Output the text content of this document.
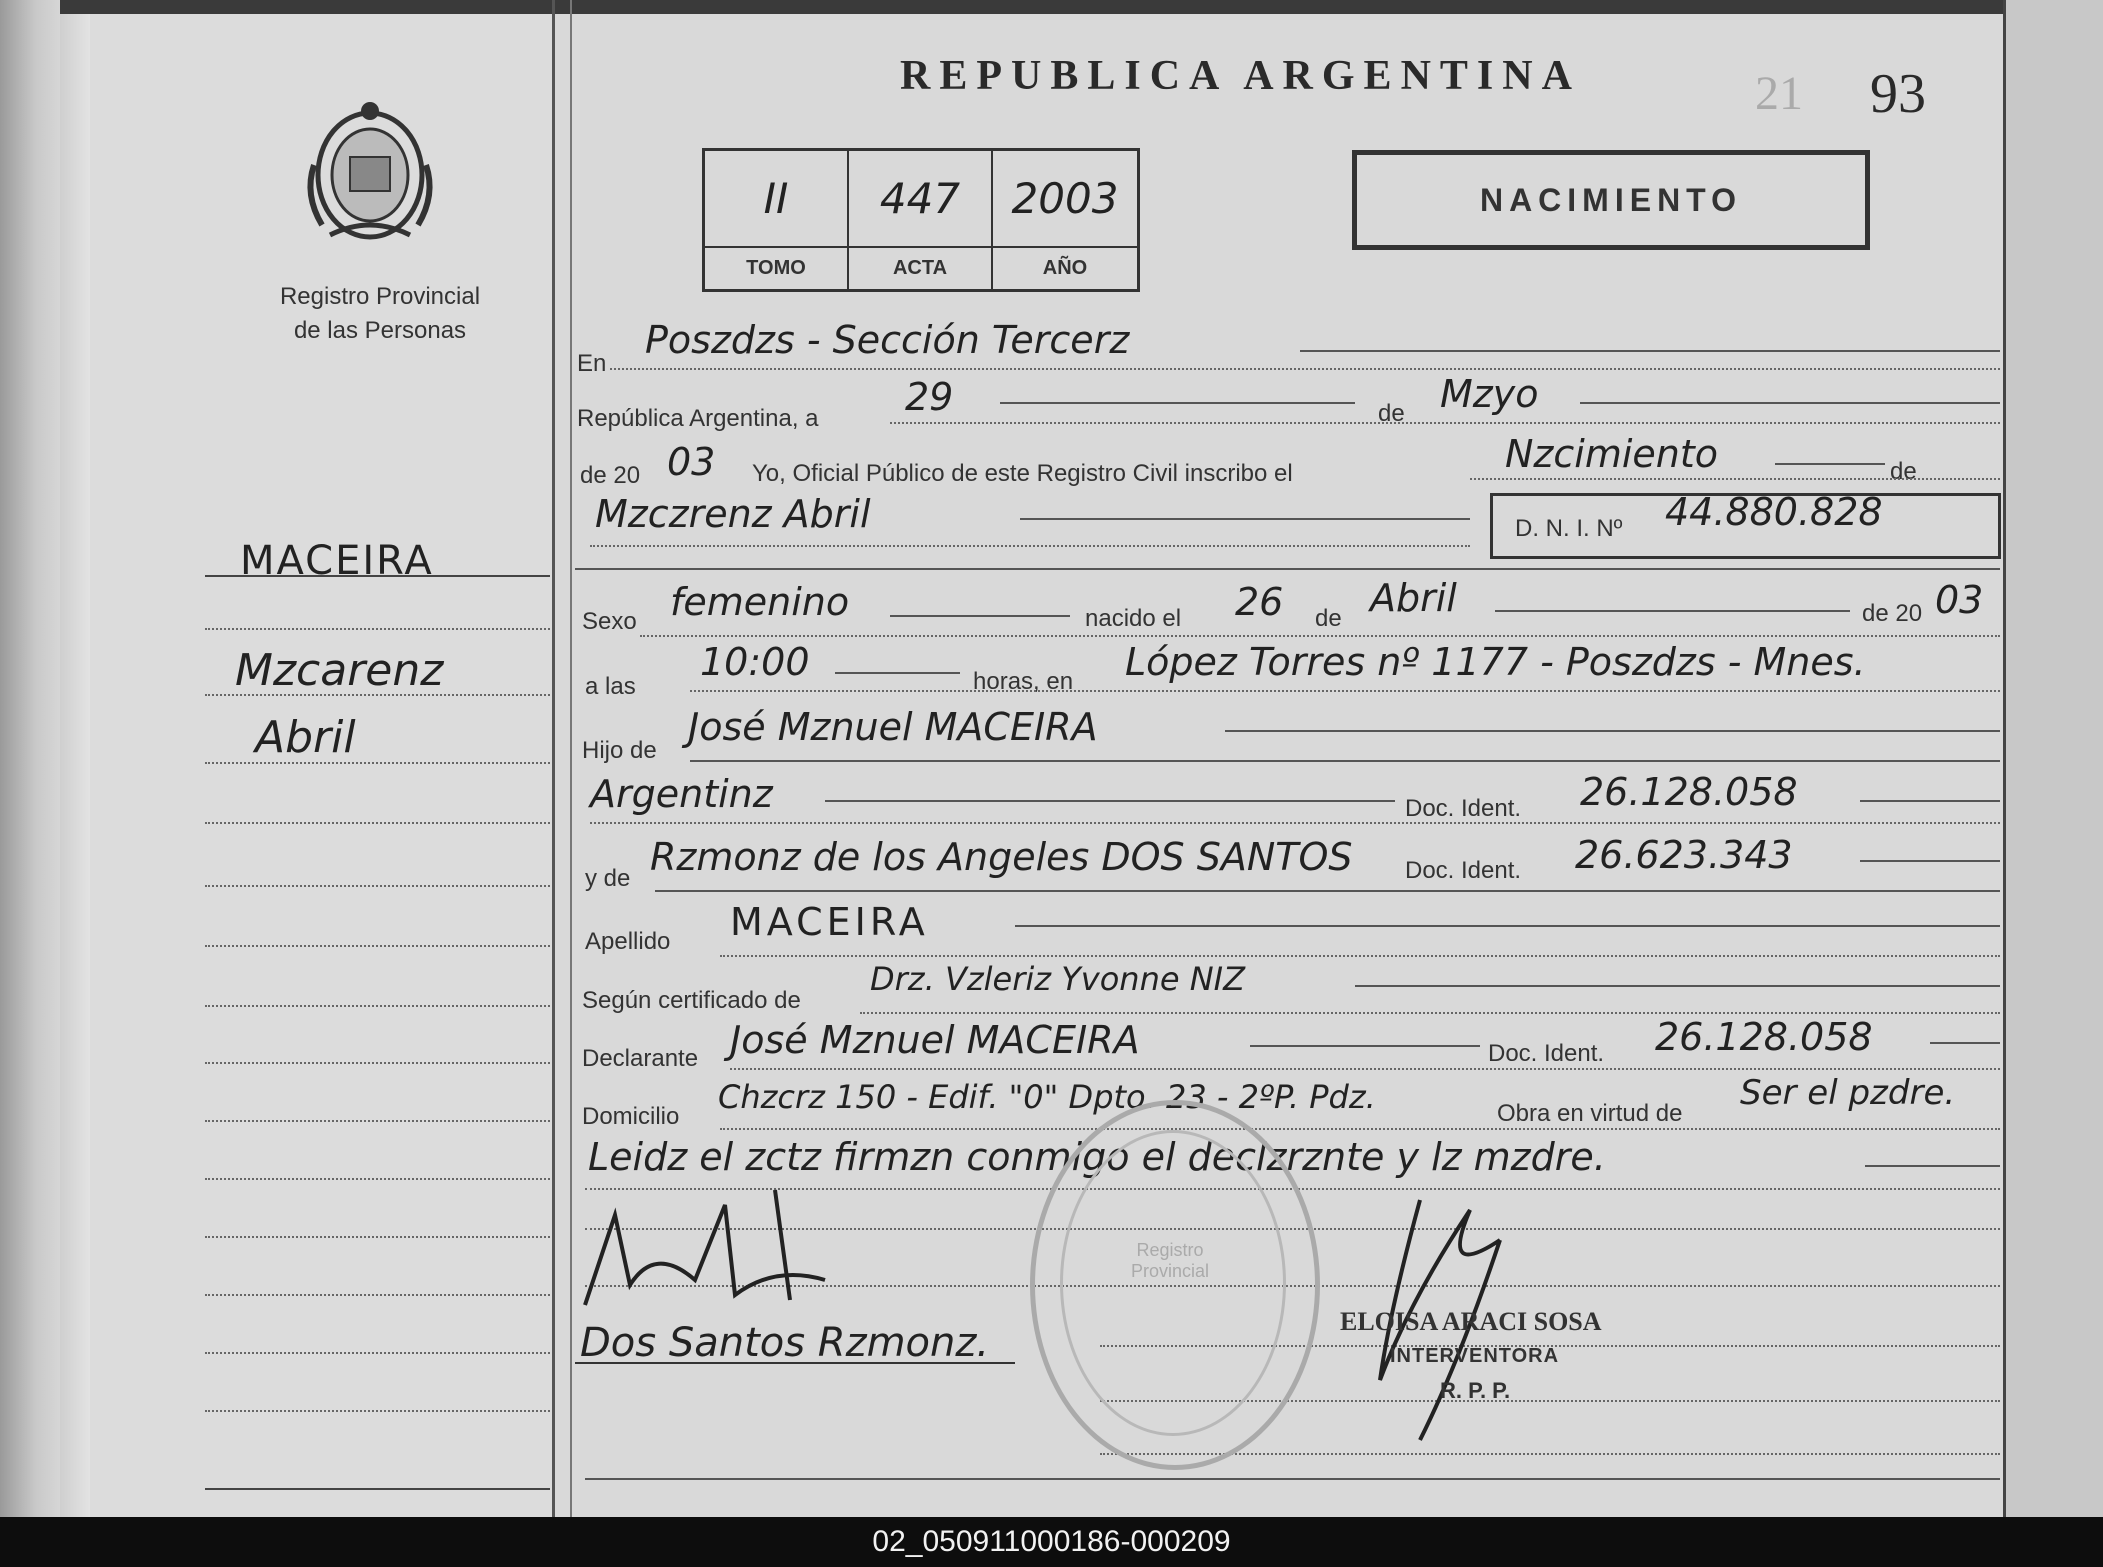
Registro Provincial
de las Personas
MACEIRA
Mzcarenz
Abril
REPUBLICA ARGENTINA	21 93
II	447	2003
TOMO	ACTA	AÑO
NACIMIENTO
En
Poszdzs - Sección Tercerz
República Argentina, a 29	de Mzyo
de 20 03 Yo, Oficial Público de este Registro Civil inscribo el	Nzcimiento	de
Mzczrenz Abril	D. N. I. Nº 44.880.828
Sexo femenino	nacido el 26 de Abril	de 20 03
a las
10:00	horas, en López Torres nº 1177 - Poszdzs - Mnes.
Hijo de
José Mznuel MACEIRA
Argentinz	Doc. Ident. 26.128.058
y de Rzmonz de los Angeles DOS SANTOS Doc. Ident. 26.623.343
Apellido MACEIRA
Según certificado de
Drz. Vzleriz Yvonne NIZ
Declarante José Mznuel MACEIRA	Doc. Ident. 26.128.058
Domicilio
Chzcrz 150 - Edif. "0" Dpto. 23 - 2ºP. Pdz.	Obra en virtud de
Ser el pzdre.
Leidz el zctz firmzn conmigo el declzrznte y lz mzdre.
Registro Provincial
Dos Santos Rzmonz.	ELOISA ARACI SOSA
INTERVENTORA
R. P. P.
02_050911000186-000209
